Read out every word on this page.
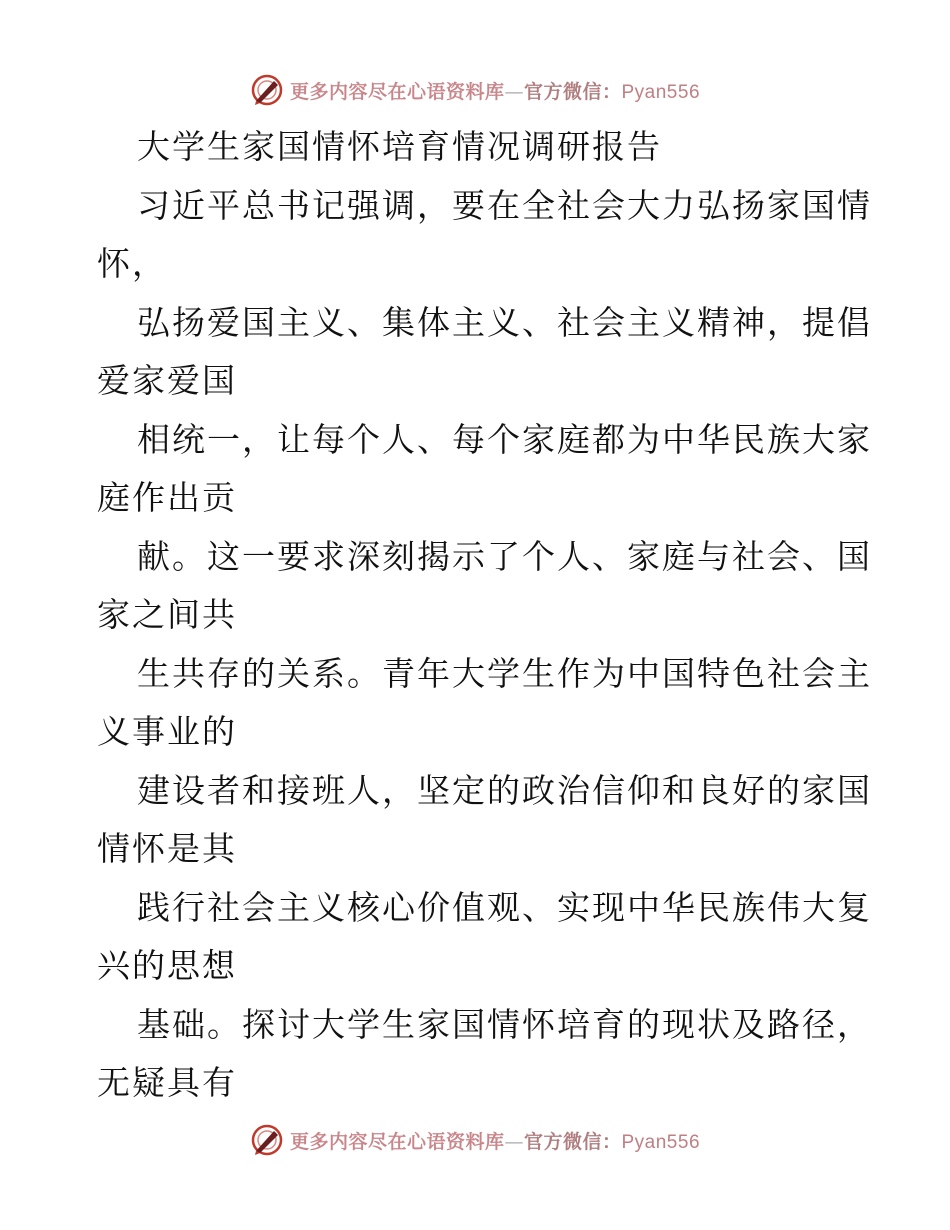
更多内容尽在心语资料库—官方微信：Pyan556
大学生家国情怀培育情况调研报告
习近平总书记强调，要在全社会大力弘扬家国情
怀，
弘扬爱国主义、集体主义、社会主义精神，提倡
爱家爱国
相统一，让每个人、每个家庭都为中华民族大家
庭作出贡
献。这一要求深刻揭示了个人、家庭与社会、国
家之间共
生共存的关系。青年大学生作为中国特色社会主
义事业的
建设者和接班人，坚定的政治信仰和良好的家国
情怀是其
践行社会主义核心价值观、实现中华民族伟大复
兴的思想
基础。探讨大学生家国情怀培育的现状及路径，
无疑具有
更多内容尽在心语资料库—官方微信：Pyan556
